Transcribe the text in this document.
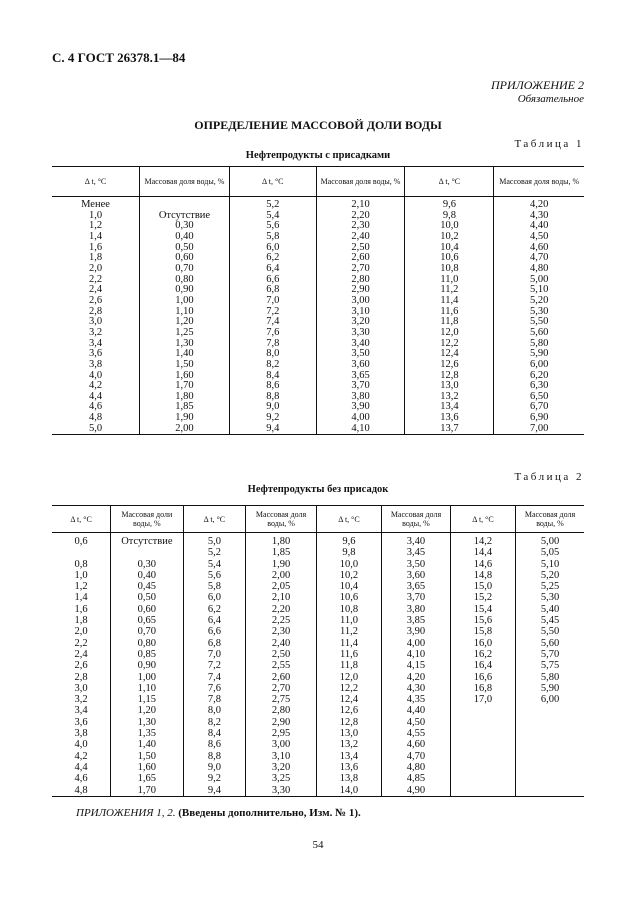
С. 4 ГОСТ 26378.1—84
ПРИЛОЖЕНИЕ 2
Обязательное
ОПРЕДЕЛЕНИЕ МАССОВОЙ ДОЛИ ВОДЫ
Таблица 1
Нефтепродукты с присадками
Δ t, °C	Массовая доля воды, %	Δ t, °C	Массовая доля воды, %	Δ t, °C	Массовая доля воды, %

Менее		5,2	2,10	9,6	4,20
1,0	Отсутствие	5,4	2,20	9,8	4,30
1,2	0,30	5,6	2,30	10,0	4,40
1,4	0,40	5,8	2,40	10,2	4,50
1,6	0,50	6,0	2,50	10,4	4,60
1,8	0,60	6,2	2,60	10,6	4,70
2,0	0,70	6,4	2,70	10,8	4,80
2,2	0,80	6,6	2,80	11,0	5,00
2,4	0,90	6,8	2,90	11,2	5,10
2,6	1,00	7,0	3,00	11,4	5,20
2,8	1,10	7,2	3,10	11,6	5,30
3,0	1,20	7,4	3,20	11,8	5,50
3,2	1,25	7,6	3,30	12,0	5,60
3,4	1,30	7,8	3,40	12,2	5,80
3,6	1,40	8,0	3,50	12,4	5,90
3,8	1,50	8,2	3,60	12,6	6,00
4,0	1,60	8,4	3,65	12,8	6,20
4,2	1,70	8,6	3,70	13,0	6,30
4,4	1,80	8,8	3,80	13,2	6,50
4,6	1,85	9,0	3,90	13,4	6,70
4,8	1,90	9,2	4,00	13,6	6,90
5,0	2,00	9,4	4,10	13,7	7,00
Таблица 2
Нефтепродукты без присадок
Δ t, °C	Массовая доли воды, %	Δ t, °C	Массовая доля воды, %	Δ t, °C	Массовая доля воды, %	Δ t, °C	Массовая доля воды, %

0,6	Отсутствие	5,0	1,80	9,6	3,40	14,2	5,00
		5,2	1,85	9,8	3,45	14,4	5,05
0,8	0,30	5,4	1,90	10,0	3,50	14,6	5,10
1,0	0,40	5,6	2,00	10,2	3,60	14,8	5,20
1,2	0,45	5,8	2,05	10,4	3,65	15,0	5,25
1,4	0,50	6,0	2,10	10,6	3,70	15,2	5,30
1,6	0,60	6,2	2,20	10,8	3,80	15,4	5,40
1,8	0,65	6,4	2,25	11,0	3,85	15,6	5,45
2,0	0,70	6,6	2,30	11,2	3,90	15,8	5,50
2,2	0,80	6,8	2,40	11,4	4,00	16,0	5,60
2,4	0,85	7,0	2,50	11,6	4,10	16,2	5,70
2,6	0,90	7,2	2,55	11,8	4,15	16,4	5,75
2,8	1,00	7,4	2,60	12,0	4,20	16,6	5,80
3,0	1,10	7,6	2,70	12,2	4,30	16,8	5,90
3,2	1,15	7,8	2,75	12,4	4,35	17,0	6,00
3,4	1,20	8,0	2,80	12,6	4,40		
3,6	1,30	8,2	2,90	12,8	4,50		
3,8	1,35	8,4	2,95	13,0	4,55		
4,0	1,40	8,6	3,00	13,2	4,60		
4,2	1,50	8,8	3,10	13,4	4,70		
4,4	1,60	9,0	3,20	13,6	4,80		
4,6	1,65	9,2	3,25	13,8	4,85		
4,8	1,70	9,4	3,30	14,0	4,90		
ПРИЛОЖЕНИЯ 1, 2. (Введены дополнительно, Изм. № 1).
54
